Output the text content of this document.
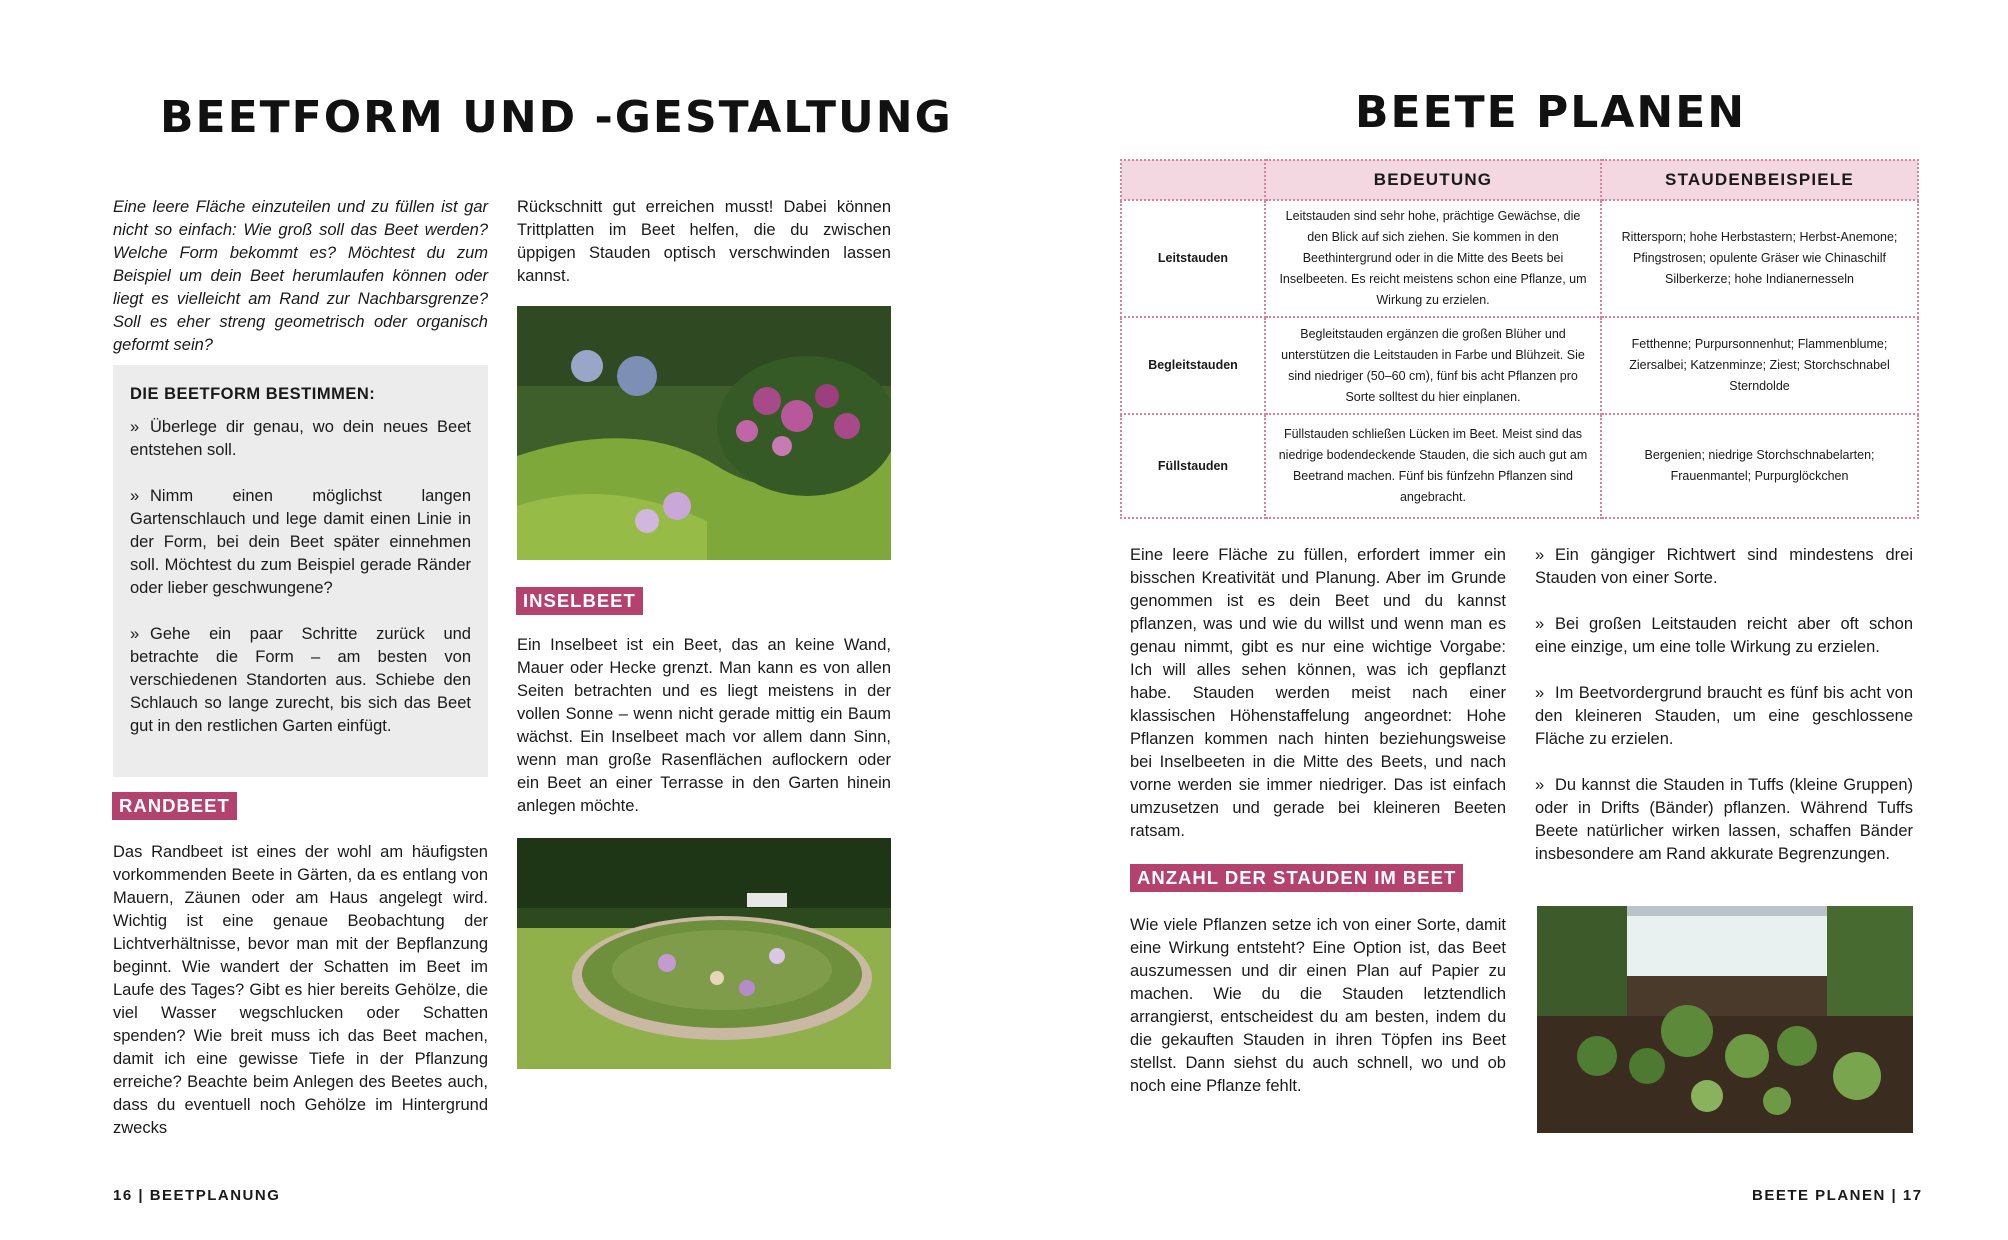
BEETFORM UND -GESTALTUNG

Eine leere Fläche einzuteilen und zu füllen ist gar nicht so einfach: Wie groß soll das Beet werden? Welche Form bekommt es? Möchtest du zum Beispiel um dein Beet herumlaufen können oder liegt es vielleicht am Rand zur Nachbarsgrenze? Soll es eher streng geometrisch oder organisch geformt sein?

DIE BEETFORM BESTIMMEN:

» Überlege dir genau, wo dein neues Beet entstehen soll.

» Nimm einen möglichst langen Gartenschlauch und lege damit einen Linie in der Form, bei dein Beet später einnehmen soll. Möchtest du zum Beispiel gerade Ränder oder lieber geschwungene?

» Gehe ein paar Schritte zurück und betrachte die Form – am besten von verschiedenen Standorten aus. Schiebe den Schlauch so lange zurecht, bis sich das Beet gut in den restlichen Garten einfügt.

RANDBEET

Das Randbeet ist eines der wohl am häufigsten vorkommenden Beete in Gärten, da es entlang von Mauern, Zäunen oder am Haus angelegt wird. Wichtig ist eine genaue Beobachtung der Lichtverhältnisse, bevor man mit der Bepflanzung beginnt. Wie wandert der Schatten im Beet im Laufe des Tages? Gibt es hier bereits Gehölze, die viel Wasser wegschlucken oder Schatten spenden? Wie breit muss ich das Beet machen, damit ich eine gewisse Tiefe in der Pflanzung erreiche? Beachte beim Anlegen des Beetes auch, dass du eventuell noch Gehölze im Hintergrund zwecks

Rückschnitt gut erreichen musst! Dabei können Trittplatten im Beet helfen, die du zwischen üppigen Stauden optisch verschwinden lassen kannst.

INSELBEET

Ein Inselbeet ist ein Beet, das an keine Wand, Mauer oder Hecke grenzt. Man kann es von allen Seiten betrachten und es liegt meistens in der vollen Sonne – wenn nicht gerade mittig ein Baum wächst. Ein Inselbeet mach vor allem dann Sinn, wenn man große Rasenflächen auflockern oder ein Beet an einer Terrasse in den Garten hinein anlegen möchte.

16 | BEETPLANUNG
BEETE PLANEN
	BEDEUTUNG	STAUDENBEISPIELE
Leitstauden	Leitstauden sind sehr hohe, prächtige Gewächse, die den Blick auf sich ziehen. Sie kommen in den Beethintergrund oder in die Mitte des Beets bei Inselbeeten. Es reicht meistens schon eine Pflanze, um Wirkung zu erzielen.	Rittersporn; hohe Herbstastern; Herbst-Anemone; Pfingstrosen; opulente Gräser wie Chinaschilf Silberkerze; hohe Indianernesseln
Begleitstauden	Begleitstauden ergänzen die großen Blüher und unterstützen die Leitstauden in Farbe und Blühzeit. Sie sind niedriger (50–60 cm), fünf bis acht Pflanzen pro Sorte solltest du hier einplanen.	Fetthenne; Purpursonnenhut; Flammenblume; Ziersalbei; Katzenminze; Ziest; Storchschnabel Sterndolde
Füllstauden	Füllstauden schließen Lücken im Beet. Meist sind das niedrige bodendeckende Stauden, die sich auch gut am Beetrand machen. Fünf bis fünfzehn Pflanzen sind angebracht.	Bergenien; niedrige Storchschnabelarten; Frauenmantel; Purpurglöckchen

Eine leere Fläche zu füllen, erfordert immer ein bisschen Kreativität und Planung. Aber im Grunde genommen ist es dein Beet und du kannst pflanzen, was und wie du willst und wenn man es genau nimmt, gibt es nur eine wichtige Vorgabe: Ich will alles sehen können, was ich gepflanzt habe. Stauden werden meist nach einer klassischen Höhenstaffelung angeordnet: Hohe Pflanzen kommen nach hinten beziehungsweise bei Inselbeeten in die Mitte des Beets, und nach vorne werden sie immer niedriger. Das ist einfach umzusetzen und gerade bei kleineren Beeten ratsam.

ANZAHL DER STAUDEN IM BEET

Wie viele Pflanzen setze ich von einer Sorte, damit eine Wirkung entsteht? Eine Option ist, das Beet auszumessen und dir einen Plan auf Papier zu machen. Wie du die Stauden letztendlich arrangierst, entscheidest du am besten, indem du die gekauften Stauden in ihren Töpfen ins Beet stellst. Dann siehst du auch schnell, wo und ob noch eine Pflanze fehlt.

» Ein gängiger Richtwert sind mindestens drei Stauden von einer Sorte.

» Bei großen Leitstauden reicht aber oft schon eine einzige, um eine tolle Wirkung zu erzielen.

» Im Beetvordergrund braucht es fünf bis acht von den kleineren Stauden, um eine geschlossene Fläche zu erzielen.

» Du kannst die Stauden in Tuffs (kleine Gruppen) oder in Drifts (Bänder) pflanzen. Während Tuffs Beete natürlicher wirken lassen, schaffen Bänder insbesondere am Rand akkurate Begrenzungen.

BEETE PLANEN | 17
